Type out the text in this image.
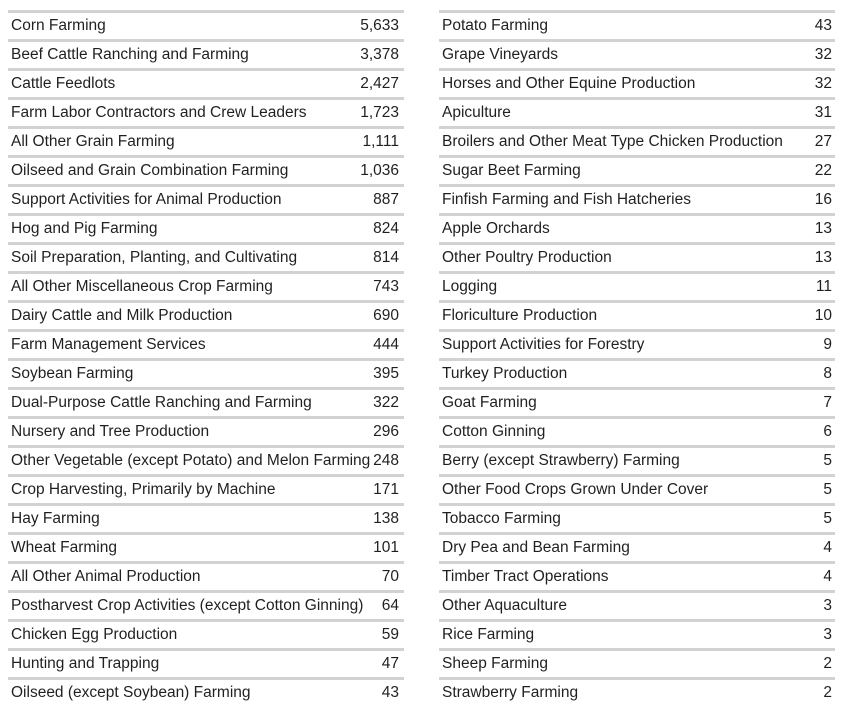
Corn Farming	5,633
Beef Cattle Ranching and Farming	3,378
Cattle Feedlots	2,427
Farm Labor Contractors and Crew Leaders	1,723
All Other Grain Farming	1,111
Oilseed and Grain Combination Farming	1,036
Support Activities for Animal Production	887
Hog and Pig Farming	824
Soil Preparation, Planting, and Cultivating	814
All Other Miscellaneous Crop Farming	743
Dairy Cattle and Milk Production	690
Farm Management Services	444
Soybean Farming	395
Dual-Purpose Cattle Ranching and Farming	322
Nursery and Tree Production	296
Other Vegetable (except Potato) and Melon Farming 248
Crop Harvesting, Primarily by Machine	171
Hay Farming	138
Wheat Farming	101
All Other Animal Production	70
Postharvest Crop Activities (except Cotton Ginning) 64
Chicken Egg Production	59
Hunting and Trapping	47
Oilseed (except Soybean) Farming	43
Potato Farming	43
Grape Vineyards	32
Horses and Other Equine Production	32
Apiculture	31
Broilers and Other Meat Type Chicken Production 27
Sugar Beet Farming	22
Finfish Farming and Fish Hatcheries	16
Apple Orchards	13
Other Poultry Production	13
Logging	11
Floriculture Production	10
Support Activities for Forestry	9
Turkey Production	8
Goat Farming	7
Cotton Ginning	6
Berry (except Strawberry) Farming	5
Other Food Crops Grown Under Cover	5
Tobacco Farming	5
Dry Pea and Bean Farming	4
Timber Tract Operations	4
Other Aquaculture	3
Rice Farming	3
Sheep Farming	2
Strawberry Farming	2
